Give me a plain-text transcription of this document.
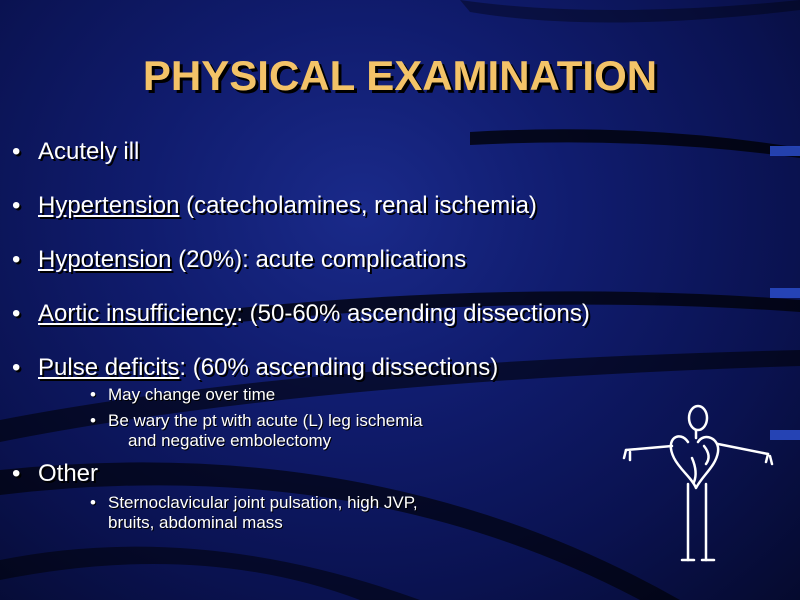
PHYSICAL EXAMINATION
• Acutely ill
• Hypertension (catecholamines, renal ischemia)
• Hypotension (20%): acute complications
• Aortic insufficiency: (50-60% ascending dissections)
• Pulse deficits: (60% ascending dissections)
• May change over time
• Be wary the pt with acute (L) leg ischemia
and negative embolectomy
• Other
• Sternoclavicular joint pulsation, high JVP,
bruits, abdominal mass
